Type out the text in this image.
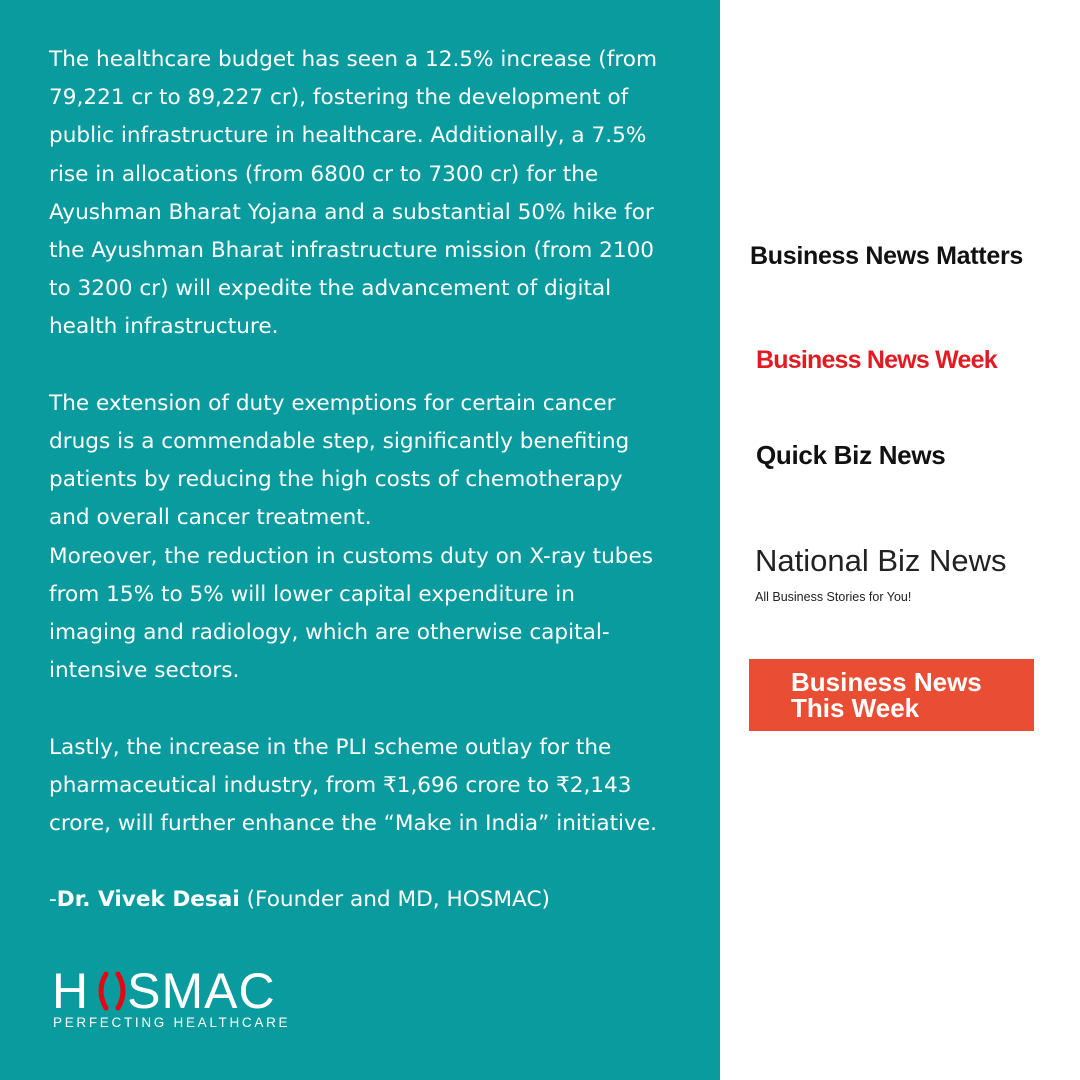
The healthcare budget has seen a 12.5% increase (from
79,221 cr to 89,227 cr), fostering the development of
public infrastructure in healthcare. Additionally, a 7.5%
rise in allocations (from 6800 cr to 7300 cr) for the
Ayushman Bharat Yojana and a substantial 50% hike for
the Ayushman Bharat infrastructure mission (from 2100
to 3200 cr) will expedite the advancement of digital
health infrastructure.

The extension of duty exemptions for certain cancer
drugs is a commendable step, significantly benefiting
patients by reducing the high costs of chemotherapy
and overall cancer treatment.

Moreover, the reduction in customs duty on X-ray tubes
from 15% to 5% will lower capital expenditure in
imaging and radiology, which are otherwise capital-
intensive sectors.

Lastly, the increase in the PLI scheme outlay for the
pharmaceutical industry, from ₹1,696 crore to ₹2,143
crore, will further enhance the “Make in India” initiative.

-Dr. Vivek Desai (Founder and MD, HOSMAC)

H SMAC
PERFECTING HEALTHCARE
Business News Matters
Business News Week
Quick Biz News
National Biz News
All Business Stories for You!
Business News
This Week
